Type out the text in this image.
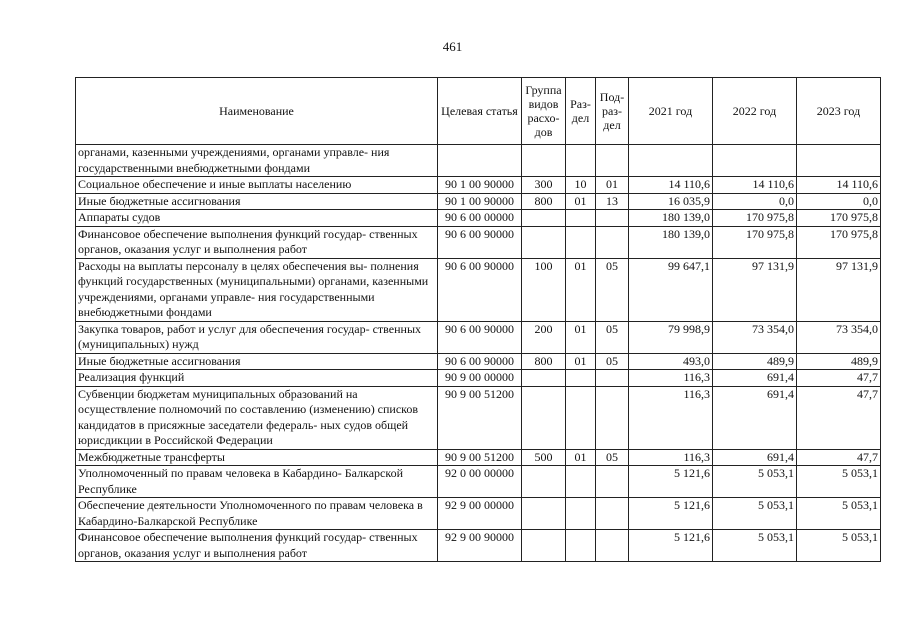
461
Наименование	Целевая статья	Группа видов расхо- дов	Раз- дел	Под- раз- дел	2021 год	2022 год	2023 год
органами, казенными учреждениями, органами управле- ния государственными внебюджетными фондами							
Социальное обеспечение и иные выплаты населению	90 1 00 90000	300	10	01	14 110,6	14 110,6	14 110,6
Иные бюджетные ассигнования	90 1 00 90000	800	01	13	16 035,9	0,0	0,0
Аппараты судов	90 6 00 00000				180 139,0	170 975,8	170 975,8
Финансовое обеспечение выполнения функций государ- ственных органов, оказания услуг и выполнения работ	90 6 00 90000				180 139,0	170 975,8	170 975,8
Расходы на выплаты персоналу в целях обеспечения вы- полнения функций государственных (муниципальными) органами, казенными учреждениями, органами управле- ния государственными внебюджетными фондами	90 6 00 90000	100	01	05	99 647,1	97 131,9	97 131,9
Закупка товаров, работ и услуг для обеспечения государ- ственных (муниципальных) нужд	90 6 00 90000	200	01	05	79 998,9	73 354,0	73 354,0
Иные бюджетные ассигнования	90 6 00 90000	800	01	05	493,0	489,9	489,9
Реализация функций	90 9 00 00000				116,3	691,4	47,7
Субвенции бюджетам муниципальных образований на осуществление полномочий по составлению (изменению) списков кандидатов в присяжные заседатели федераль- ных судов общей юрисдикции в Российской Федерации	90 9 00 51200				116,3	691,4	47,7
Межбюджетные трансферты	90 9 00 51200	500	01	05	116,3	691,4	47,7
Уполномоченный по правам человека в Кабардино- Балкарской Республике	92 0 00 00000				5 121,6	5 053,1	5 053,1
Обеспечение деятельности Уполномоченного по правам человека в Кабардино-Балкарской Республике	92 9 00 00000				5 121,6	5 053,1	5 053,1
Финансовое обеспечение выполнения функций государ- ственных органов, оказания услуг и выполнения работ	92 9 00 90000				5 121,6	5 053,1	5 053,1
